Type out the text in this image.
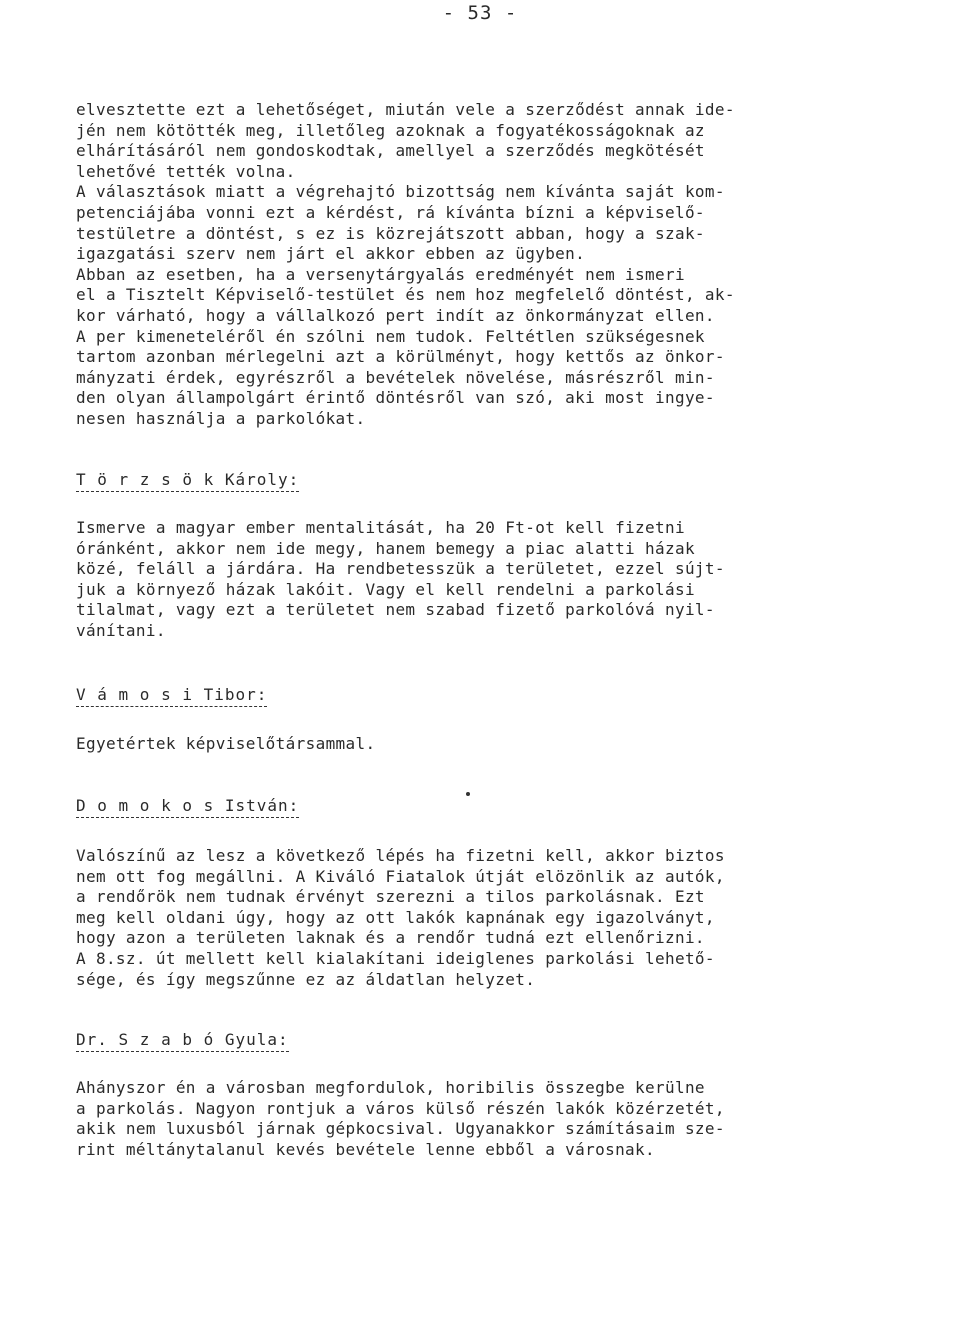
- 53 -

elvesztette ezt a lehetőséget, miután vele a szerződést annak ide-
jén nem kötötték meg, illetőleg azoknak a fogyatékosságoknak az
elhárításáról nem gondoskodtak, amellyel a szerződés megkötését
lehetővé tették volna.
A választások miatt a végrehajtó bizottság nem kívánta saját kom-
petenciájába vonni ezt a kérdést, rá kívánta bízni a képviselő-
testületre a döntést, s ez is közrejátszott abban, hogy a szak-
igazgatási szerv nem járt el akkor ebben az ügyben.
Abban az esetben, ha a versenytárgyalás eredményét nem ismeri
el a Tisztelt Képviselő-testület és nem hoz megfelelő döntést, ak-
kor várható, hogy a vállalkozó pert indít az önkormányzat ellen.
A per kimeneteléről én szólni nem tudok. Feltétlen szükségesnek
tartom azonban mérlegelni azt a körülményt, hogy kettős az önkor-
mányzati érdek, egyrészről a bevételek növelése, másrészről min-
den olyan állampolgárt érintő döntésről van szó, aki most ingye-
nesen használja a parkolókat.

T ö r z s ö k Károly:

Ismerve a magyar ember mentalitását, ha 20 Ft-ot kell fizetni
óránként, akkor nem ide megy, hanem bemegy a piac alatti házak
közé, feláll a járdára. Ha rendbetesszük a területet, ezzel sújt-
juk a környező házak lakóit. Vagy el kell rendelni a parkolási
tilalmat, vagy ezt a területet nem szabad fizető parkolóvá nyil-
vánítani.

V á m o s i Tibor:

Egyetértek képviselőtársammal.

D o m o k o s István:

Valószínű az lesz a következő lépés ha fizetni kell, akkor biztos
nem ott fog megállni. A Kiváló Fiatalok útját elözönlik az autók,
a rendőrök nem tudnak érvényt szerezni a tilos parkolásnak. Ezt
meg kell oldani úgy, hogy az ott lakók kapnának egy igazolványt,
hogy azon a területen laknak és a rendőr tudná ezt ellenőrizni.
A 8.sz. út mellett kell kialakítani ideiglenes parkolási lehető-
sége, és így megszűnne ez az áldatlan helyzet.

Dr. S z a b ó Gyula:

Ahányszor én a városban megfordulok, horibilis összegbe kerülne
a parkolás. Nagyon rontjuk a város külső részén lakók közérzetét,
akik nem luxusból járnak gépkocsival. Ugyanakkor számításaim sze-
rint méltánytalanul kevés bevétele lenne ebből a városnak.
